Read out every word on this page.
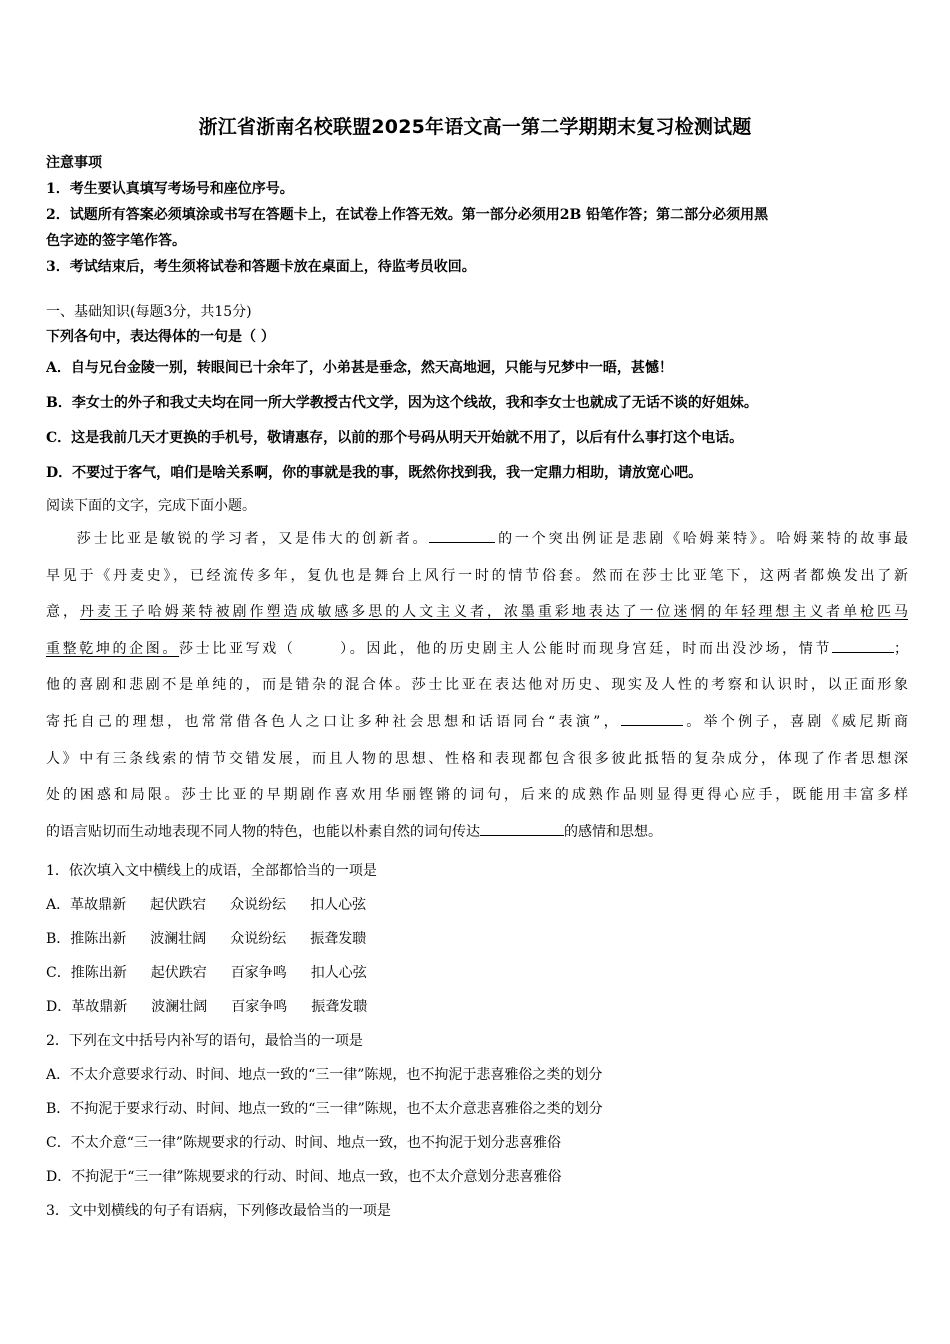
浙江省浙南名校联盟2025年语文高一第二学期期末复习检测试题
注意事项
1．考生要认真填写考场号和座位序号。
2．试题所有答案必须填涂或书写在答题卡上，在试卷上作答无效。第一部分必须用2B 铅笔作答；第二部分必须用黑
色字迹的签字笔作答。
3．考试结束后，考生须将试卷和答题卡放在桌面上，待监考员收回。
一、基础知识(每题3分，共15分)
下列各句中，表达得体的一句是（ ）
A．自与兄台金陵一别，转眼间已十余年了，小弟甚是垂念，然天高地迥，只能与兄梦中一晤，甚憾！
B．李女士的外子和我丈夫均在同一所大学教授古代文学，因为这个线故，我和李女士也就成了无话不谈的好姐妹。
C．这是我前几天才更换的手机号，敬请惠存，以前的那个号码从明天开始就不用了，以后有什么事打这个电话。
D．不要过于客气，咱们是啥关系啊，你的事就是我的事，既然你找到我，我一定鼎力相助，请放宽心吧。
阅读下面的文字，完成下面小题。
莎士比亚是敏锐的学习者，又是伟大的创新者。	的一个突出例证是悲剧《哈姆莱特》。哈姆莱特的故事最
早见于《丹麦史》，已经流传多年，复仇也是舞台上风行一时的情节俗套。然而在莎士比亚笔下，这两者都焕发出了新
意，丹麦王子哈姆莱特被剧作塑造成敏感多思的人文主义者，浓墨重彩地表达了一位迷惘的年轻理想主义者单枪匹马
重整乾坤的企图。莎士比亚写戏（	）。因此，他的历史剧主人公能时而现身宫廷，时而出没沙场，情节	；
他的喜剧和悲剧不是单纯的，而是错杂的混合体。莎士比亚在表达他对历史、现实及人性的考察和认识时，以正面形象
寄托自己的理想，也常常借各色人之口让多种社会思想和话语同台“表演”，	。举个例子，喜剧《威尼斯商
人》中有三条线索的情节交错发展，而且人物的思想、性格和表现都包含很多彼此抵牾的复杂成分，体现了作者思想深
处的困惑和局限。莎士比亚的早期剧作喜欢用华丽铿锵的词句，后来的成熟作品则显得更得心应手，既能用丰富多样
的语言贴切而生动地表现不同人物的特色，也能以朴素自然的词句传达	的感情和思想。
1．依次填入文中横线上的成语，全部都恰当的一项是
A．革故鼎新 起伏跌宕 众说纷纭 扣人心弦
B．推陈出新 波澜壮阔 众说纷纭 振聋发聩
C．推陈出新 起伏跌宕 百家争鸣 扣人心弦
D．革故鼎新 波澜壮阔 百家争鸣 振聋发聩
2．下列在文中括号内补写的语句，最恰当的一项是
A．不太介意要求行动、时间、地点一致的“三一律”陈规，也不拘泥于悲喜雅俗之类的划分
B．不拘泥于要求行动、时间、地点一致的“三一律”陈规，也不太介意悲喜雅俗之类的划分
C．不太介意“三一律”陈规要求的行动、时间、地点一致，也不拘泥于划分悲喜雅俗
D．不拘泥于“三一律”陈规要求的行动、时间、地点一致，也不太介意划分悲喜雅俗
3．文中划横线的句子有语病，下列修改最恰当的一项是
